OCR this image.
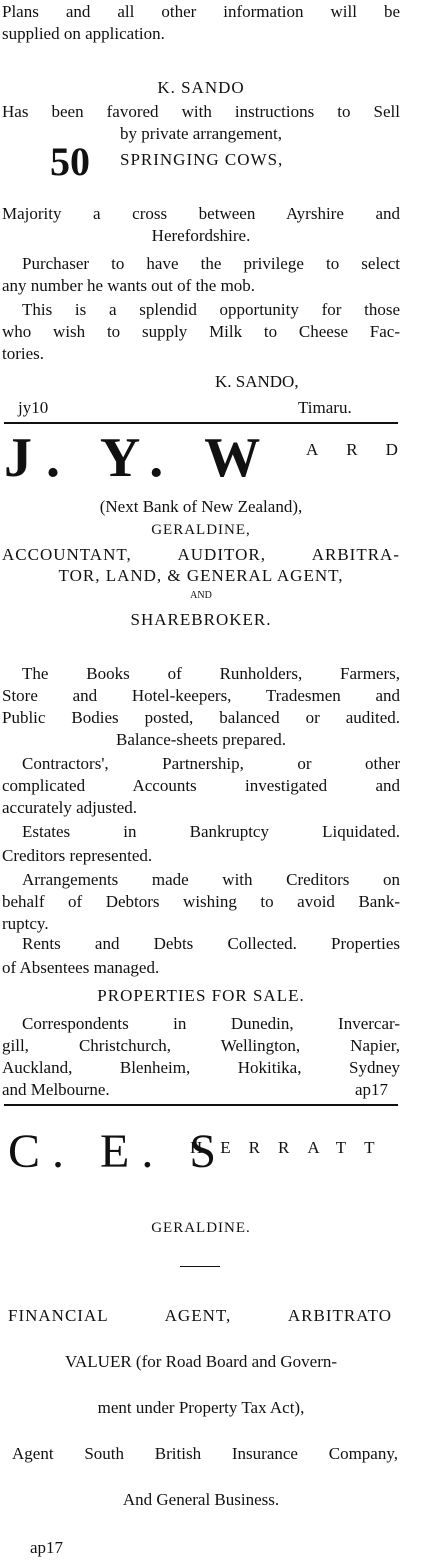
Plans and all other information will be
supplied on application.
K. SANDO
Has been favored with instructions to Sell
by private arrangement,
50 SPRINGING COWS,
Majority a cross between Ayrshire and
Herefordshire.
Purchaser to have the privilege to select
any number he wants out of the mob.
This is a splendid opportunity for those
who wish to supply Milk to Cheese Fac-
tories.
K. SANDO,
jy10	Timaru.
J. Y. W ARD
(Next Bank of New Zealand),
GERALDINE,
ACCOUNTANT, AUDITOR, ARBITRA-
TOR, LAND, & GENERAL AGENT,
AND
SHAREBROKER.
The Books of Runholders, Farmers,
Store and Hotel-keepers, Tradesmen and
Public Bodies posted, balanced or audited.
Balance-sheets prepared.
Contractors', Partnership, or other
complicated Accounts investigated and
accurately adjusted.
Estates in Bankruptcy Liquidated.
Creditors represented.
Arrangements made with Creditors on
behalf of Debtors wishing to avoid Bank-
ruptcy.
Rents and Debts Collected. Properties
of Absentees managed.
PROPERTIES FOR SALE.
Correspondents in Dunedin, Invercar-
gill, Christchurch, Wellington, Napier,
Auckland, Blenheim, Hokitika, Sydney
and Melbourne.	ap17
C. E. S
HERRATT
GERALDINE.
FINANCIAL AGENT, ARBITRATO
VALUER (for Road Board and Govern-
ment under Property Tax Act),
Agent South British Insurance Company,
And General Business.
ap17
